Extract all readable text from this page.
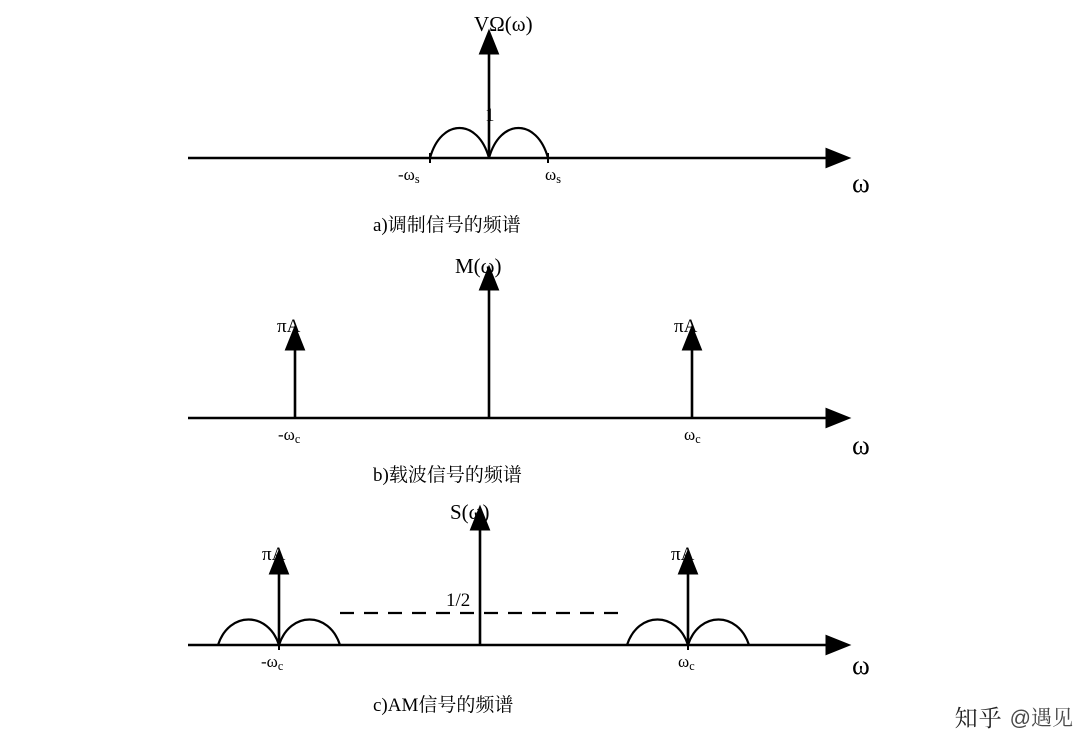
VΩ(ω)
1
$-\omega_s$	$\omega_s$	ω
a)调制信号的频谱
M(ω)
πA	πA
$-\omega_c$	$\omega_c$	ω
b)载波信号的频谱
S(ω)
πA	πA
1/2
$-\omega_c$	$\omega_c$	ω
c)AM信号的频谱
知乎 @遇见
